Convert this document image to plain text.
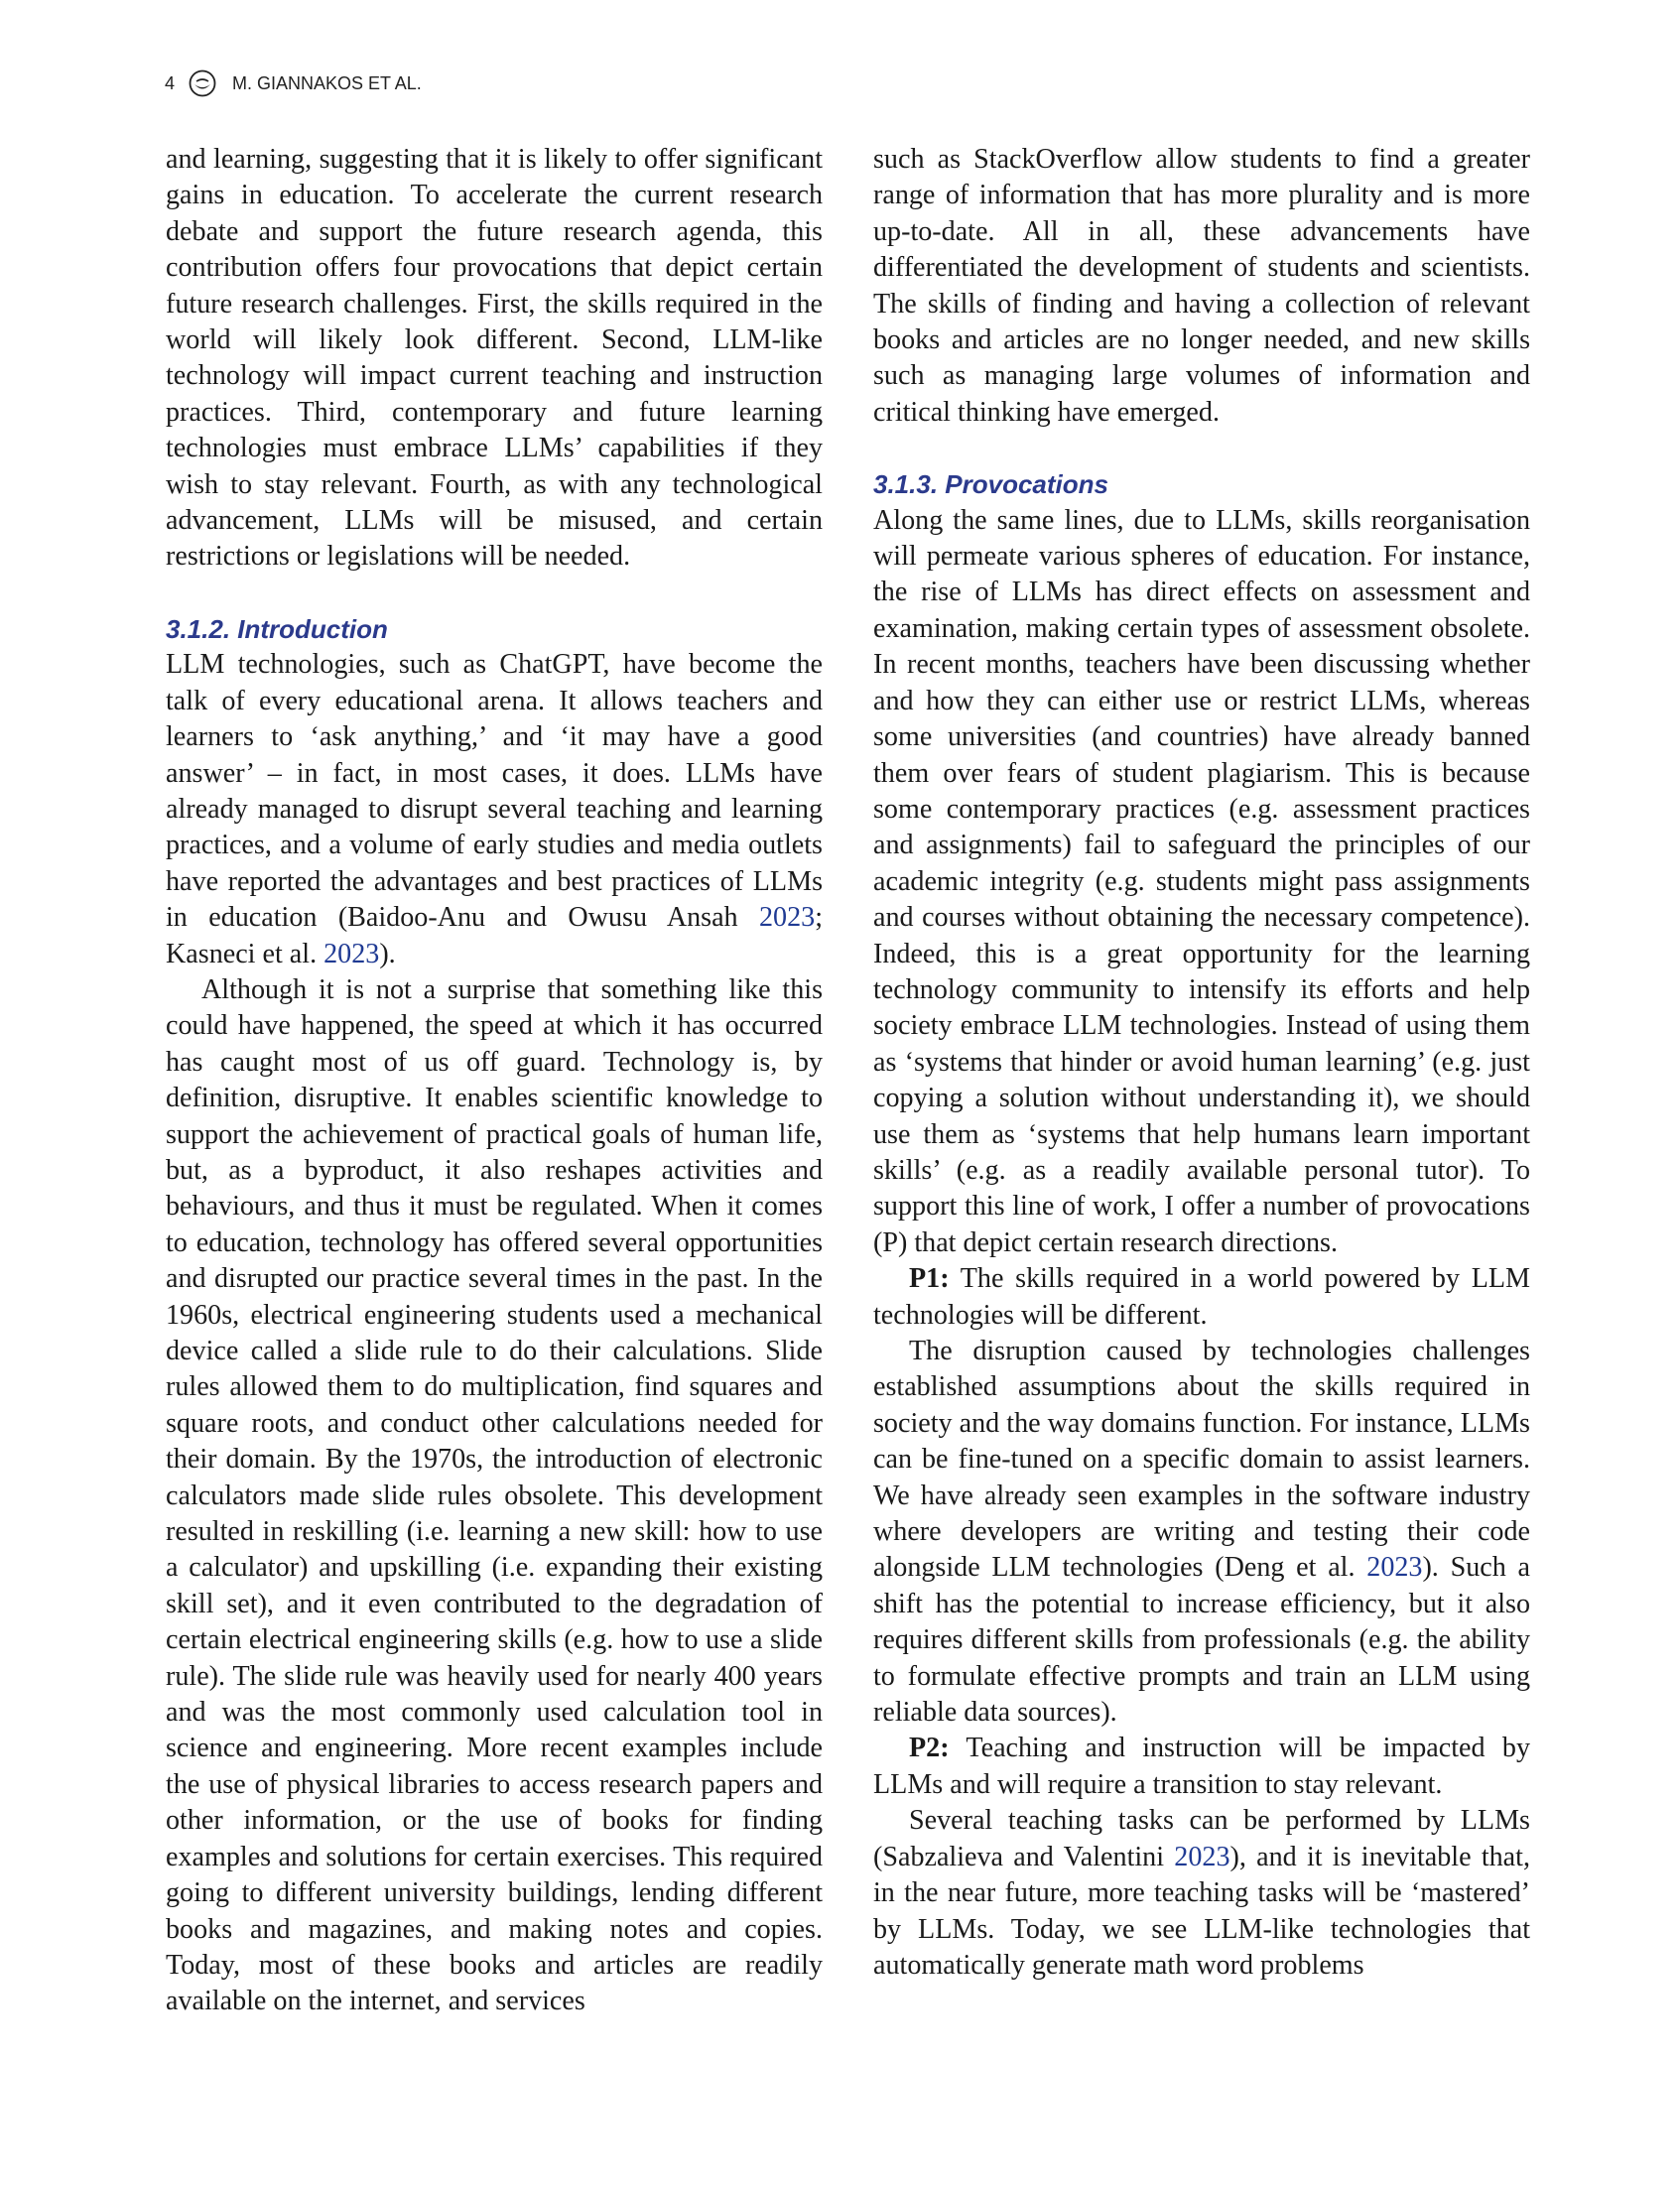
4	M. GIANNAKOS ET AL.

and learning, suggesting that it is likely to offer significant gains in education. To accelerate the current research debate and support the future research agenda, this contribution offers four provocations that depict certain future research challenges. First, the skills required in the world will likely look different. Second, LLM-like technology will impact current teaching and instruction practices. Third, contemporary and future learning technologies must embrace LLMs’ capabilities if they wish to stay relevant. Fourth, as with any technological advancement, LLMs will be misused, and certain restrictions or legislations will be needed.

3.1.2. Introduction

LLM technologies, such as ChatGPT, have become the talk of every educational arena. It allows teachers and learners to ‘ask anything,’ and ‘it may have a good answer’ – in fact, in most cases, it does. LLMs have already managed to disrupt several teaching and learning practices, and a volume of early studies and media outlets have reported the advantages and best practices of LLMs in education (Baidoo-Anu and Owusu Ansah 2023; Kasneci et al. 2023).

Although it is not a surprise that something like this could have happened, the speed at which it has occurred has caught most of us off guard. Technology is, by definition, disruptive. It enables scientific knowledge to support the achievement of practical goals of human life, but, as a byproduct, it also reshapes activities and behaviours, and thus it must be regulated. When it comes to education, technology has offered several opportunities and disrupted our practice several times in the past. In the 1960s, electrical engineering students used a mechanical device called a slide rule to do their calculations. Slide rules allowed them to do multiplication, find squares and square roots, and conduct other calculations needed for their domain. By the 1970s, the introduction of electronic calculators made slide rules obsolete. This development resulted in reskilling (i.e. learning a new skill: how to use a calculator) and upskilling (i.e. expanding their existing skill set), and it even contributed to the degradation of certain electrical engineering skills (e.g. how to use a slide rule). The slide rule was heavily used for nearly 400 years and was the most commonly used calculation tool in science and engineering. More recent examples include the use of physical libraries to access research papers and other information, or the use of books for finding examples and solutions for certain exercises. This required going to different university buildings, lending different books and magazines, and making notes and copies. Today, most of these books and articles are readily available on the internet, and services

such as StackOverflow allow students to find a greater range of information that has more plurality and is more up-to-date. All in all, these advancements have differentiated the development of students and scientists. The skills of finding and having a collection of relevant books and articles are no longer needed, and new skills such as managing large volumes of information and critical thinking have emerged.

3.1.3. Provocations

Along the same lines, due to LLMs, skills reorganisation will permeate various spheres of education. For instance, the rise of LLMs has direct effects on assessment and examination, making certain types of assessment obsolete. In recent months, teachers have been discussing whether and how they can either use or restrict LLMs, whereas some universities (and countries) have already banned them over fears of student plagiarism. This is because some contemporary practices (e.g. assessment practices and assignments) fail to safeguard the principles of our academic integrity (e.g. students might pass assignments and courses without obtaining the necessary competence). Indeed, this is a great opportunity for the learning technology community to intensify its efforts and help society embrace LLM technologies. Instead of using them as ‘systems that hinder or avoid human learning’ (e.g. just copying a solution without understanding it), we should use them as ‘systems that help humans learn important skills’ (e.g. as a readily available personal tutor). To support this line of work, I offer a number of provocations (P) that depict certain research directions.

P1: The skills required in a world powered by LLM technologies will be different.

The disruption caused by technologies challenges established assumptions about the skills required in society and the way domains function. For instance, LLMs can be fine-tuned on a specific domain to assist learners. We have already seen examples in the software industry where developers are writing and testing their code alongside LLM technologies (Deng et al. 2023). Such a shift has the potential to increase efficiency, but it also requires different skills from professionals (e.g. the ability to formulate effective prompts and train an LLM using reliable data sources).

P2: Teaching and instruction will be impacted by LLMs and will require a transition to stay relevant.

Several teaching tasks can be performed by LLMs (Sabzalieva and Valentini 2023), and it is inevitable that, in the near future, more teaching tasks will be ‘mastered’ by LLMs. Today, we see LLM-like technologies that automatically generate math word problems
